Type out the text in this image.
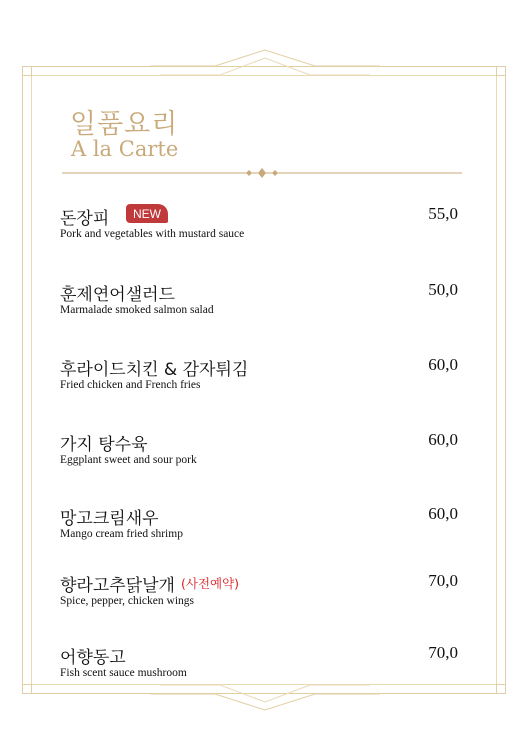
일품요리
A la Carte
돈장피	NEW
Pork and vegetables with mustard sauce
55,0
훈제연어샐러드
Marmalade smoked salmon salad
50,0
후라이드치킨 & 감자튀김
Fried chicken and French fries
60,0
가지 탕수육
Eggplant sweet and sour pork
60,0
망고크림새우
Mango cream fried shrimp
60,0
향라고추닭날개 (사전예약)
Spice, pepper, chicken wings
70,0
어향동고
Fish scent sauce mushroom
70,0
